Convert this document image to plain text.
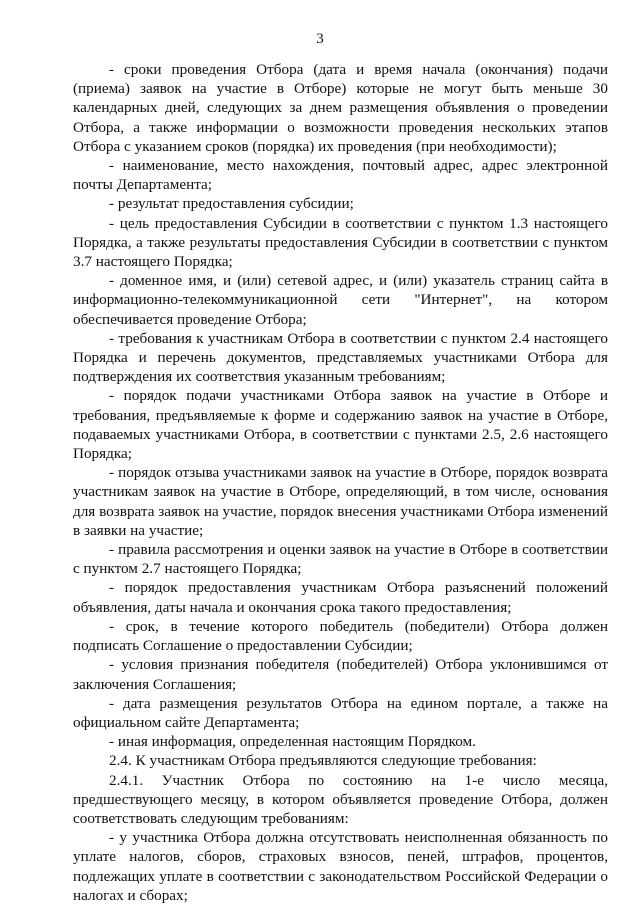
3

- сроки проведения Отбора (дата и время начала (окончания) подачи (приема) заявок на участие в Отборе) которые не могут быть меньше 30 календарных дней, следующих за днем размещения объявления о проведении Отбора, а также информации о возможности проведения нескольких этапов Отбора с указанием сроков (порядка) их проведения (при необходимости);

- наименование, место нахождения, почтовый адрес, адрес электронной почты Департамента;

- результат предоставления субсидии;

- цель предоставления Субсидии в соответствии с пунктом 1.3 настоящего Порядка, а также результаты предоставления Субсидии в соответствии с пунктом 3.7 настоящего Порядка;

- доменное имя, и (или) сетевой адрес, и (или) указатель страниц сайта в информационно-телекоммуникационной сети "Интернет", на котором обеспечивается проведение Отбора;

- требования к участникам Отбора в соответствии с пунктом 2.4 настоящего Порядка и перечень документов, представляемых участниками Отбора для подтверждения их соответствия указанным требованиям;

- порядок подачи участниками Отбора заявок на участие в Отборе и требования, предъявляемые к форме и содержанию заявок на участие в Отборе, подаваемых участниками Отбора, в соответствии с пунктами 2.5, 2.6 настоящего Порядка;

- порядок отзыва участниками заявок на участие в Отборе, порядок возврата участникам заявок на участие в Отборе, определяющий, в том числе, основания для возврата заявок на участие, порядок внесения участниками Отбора изменений в заявки на участие;

- правила рассмотрения и оценки заявок на участие в Отборе в соответствии с пунктом 2.7 настоящего Порядка;

- порядок предоставления участникам Отбора разъяснений положений объявления, даты начала и окончания срока такого предоставления;

- срок, в течение которого победитель (победители) Отбора должен подписать Соглашение о предоставлении Субсидии;

- условия признания победителя (победителей) Отбора уклонившимся от заключения Соглашения;

- дата размещения результатов Отбора на едином портале, а также на официальном сайте Департамента;

- иная информация, определенная настоящим Порядком.

2.4. К участникам Отбора предъявляются следующие требования:

2.4.1. Участник Отбора по состоянию на 1-е число месяца, предшествующего месяцу, в котором объявляется проведение Отбора, должен соответствовать следующим требованиям:

- у участника Отбора должна отсутствовать неисполненная обязанность по уплате налогов, сборов, страховых взносов, пеней, штрафов, процентов, подлежащих уплате в соответствии с законодательством Российской Федерации о налогах и сборах;
